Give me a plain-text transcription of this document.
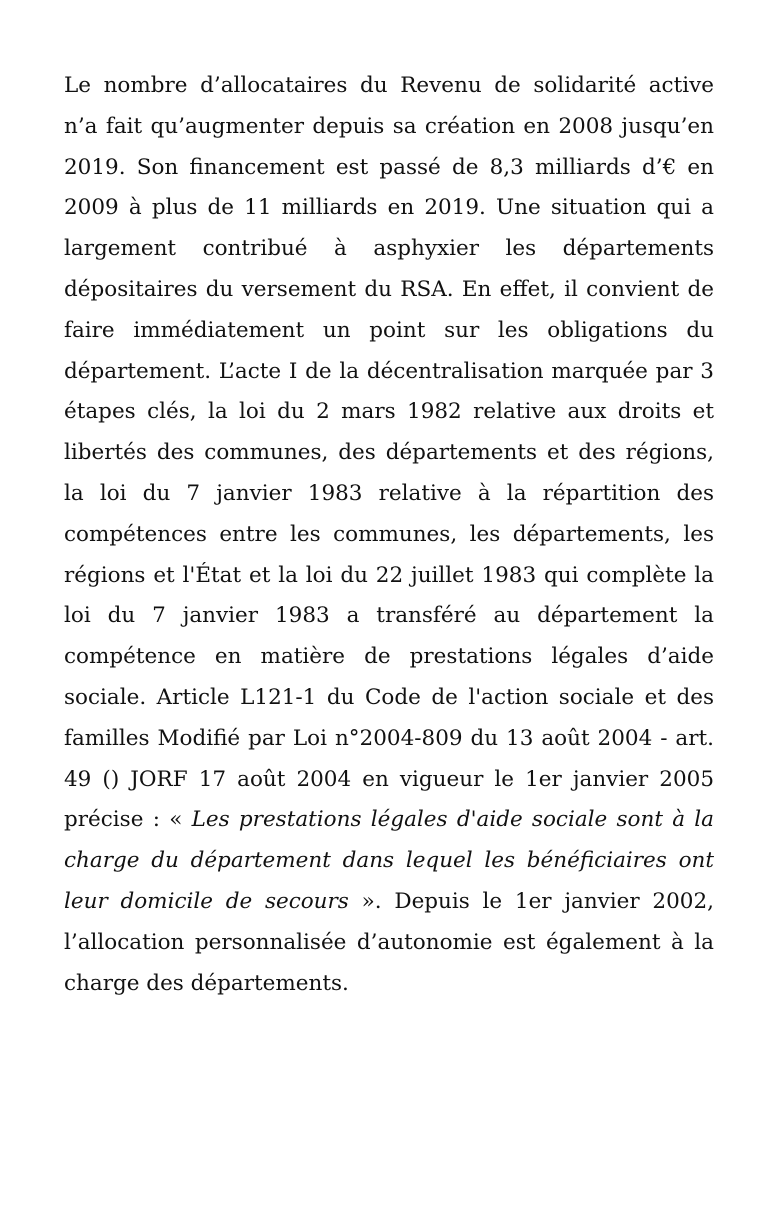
Le nombre d’allocataires du Revenu de solidarité active n’a fait qu’augmenter depuis sa création en 2008 jusqu’en 2019. Son financement est passé de 8,3 milliards d’€ en 2009 à plus de 11 milliards en 2019. Une situation qui a largement contribué à asphyxier les départements dépositaires du versement du RSA. En effet, il convient de faire immédiatement un point sur les obligations du département. L’acte I de la décentralisation marquée par 3 étapes clés, la loi du 2 mars 1982 relative aux droits et libertés des communes, des départements et des régions, la loi du 7 janvier 1983 relative à la répartition des compétences entre les communes, les départements, les régions et l'État et la loi du 22 juillet 1983 qui complète la loi du 7 janvier 1983 a transféré au département la compétence en matière de prestations légales d’aide sociale. Article L121-1 du Code de l'action sociale et des familles Modifié par Loi n°2004-809 du 13 août 2004 - art. 49 () JORF 17 août 2004 en vigueur le 1er janvier 2005 précise : « Les prestations légales d'aide sociale sont à la charge du département dans lequel les bénéficiaires ont leur domicile de secours ». Depuis le 1er janvier 2002, l’allocation personnalisée d’autonomie est également à la charge des départements.
